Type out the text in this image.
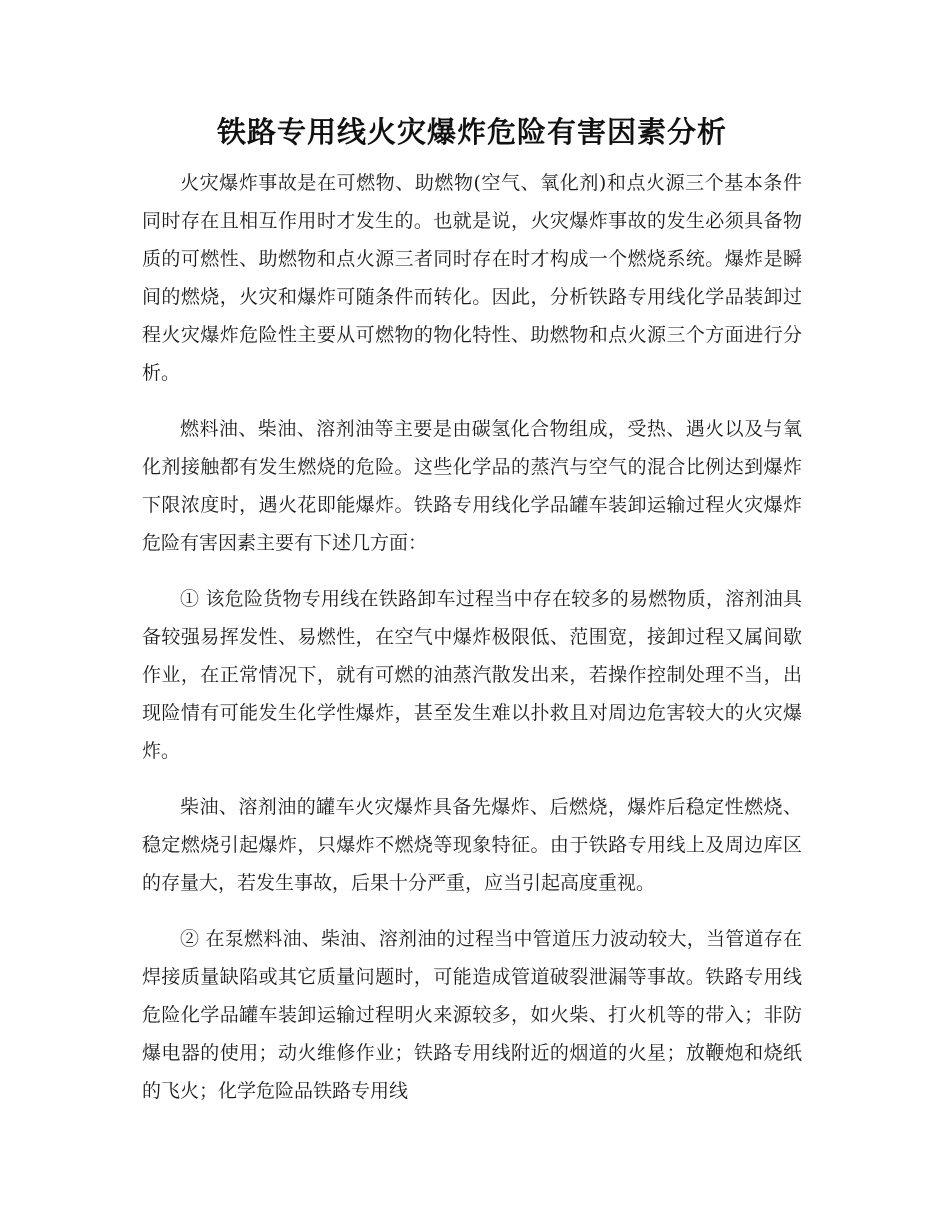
铁路专用线火灾爆炸危险有害因素分析

火灾爆炸事故是在可燃物、助燃物(空气、氧化剂)和点火源三个基本条件同时存在且相互作用时才发生的。也就是说，火灾爆炸事故的发生必须具备物质的可燃性、助燃物和点火源三者同时存在时才构成一个燃烧系统。爆炸是瞬间的燃烧，火灾和爆炸可随条件而转化。因此，分析铁路专用线化学品装卸过程火灾爆炸危险性主要从可燃物的物化特性、助燃物和点火源三个方面进行分析。

燃料油、柴油、溶剂油等主要是由碳氢化合物组成，受热、遇火以及与氧化剂接触都有发生燃烧的危险。这些化学品的蒸汽与空气的混合比例达到爆炸下限浓度时，遇火花即能爆炸。铁路专用线化学品罐车装卸运输过程火灾爆炸危险有害因素主要有下述几方面：

① 该危险货物专用线在铁路卸车过程当中存在较多的易燃物质，溶剂油具备较强易挥发性、易燃性，在空气中爆炸极限低、范围宽，接卸过程又属间歇作业，在正常情况下，就有可燃的油蒸汽散发出来，若操作控制处理不当，出现险情有可能发生化学性爆炸，甚至发生难以扑救且对周边危害较大的火灾爆炸。

柴油、溶剂油的罐车火灾爆炸具备先爆炸、后燃烧，爆炸后稳定性燃烧、稳定燃烧引起爆炸，只爆炸不燃烧等现象特征。由于铁路专用线上及周边库区的存量大，若发生事故，后果十分严重，应当引起高度重视。

② 在泵燃料油、柴油、溶剂油的过程当中管道压力波动较大，当管道存在焊接质量缺陷或其它质量问题时，可能造成管道破裂泄漏等事故。铁路专用线危险化学品罐车装卸运输过程明火来源较多，如火柴、打火机等的带入；非防爆电器的使用；动火维修作业；铁路专用线附近的烟道的火星；放鞭炮和烧纸的飞火；化学危险品铁路专用线
